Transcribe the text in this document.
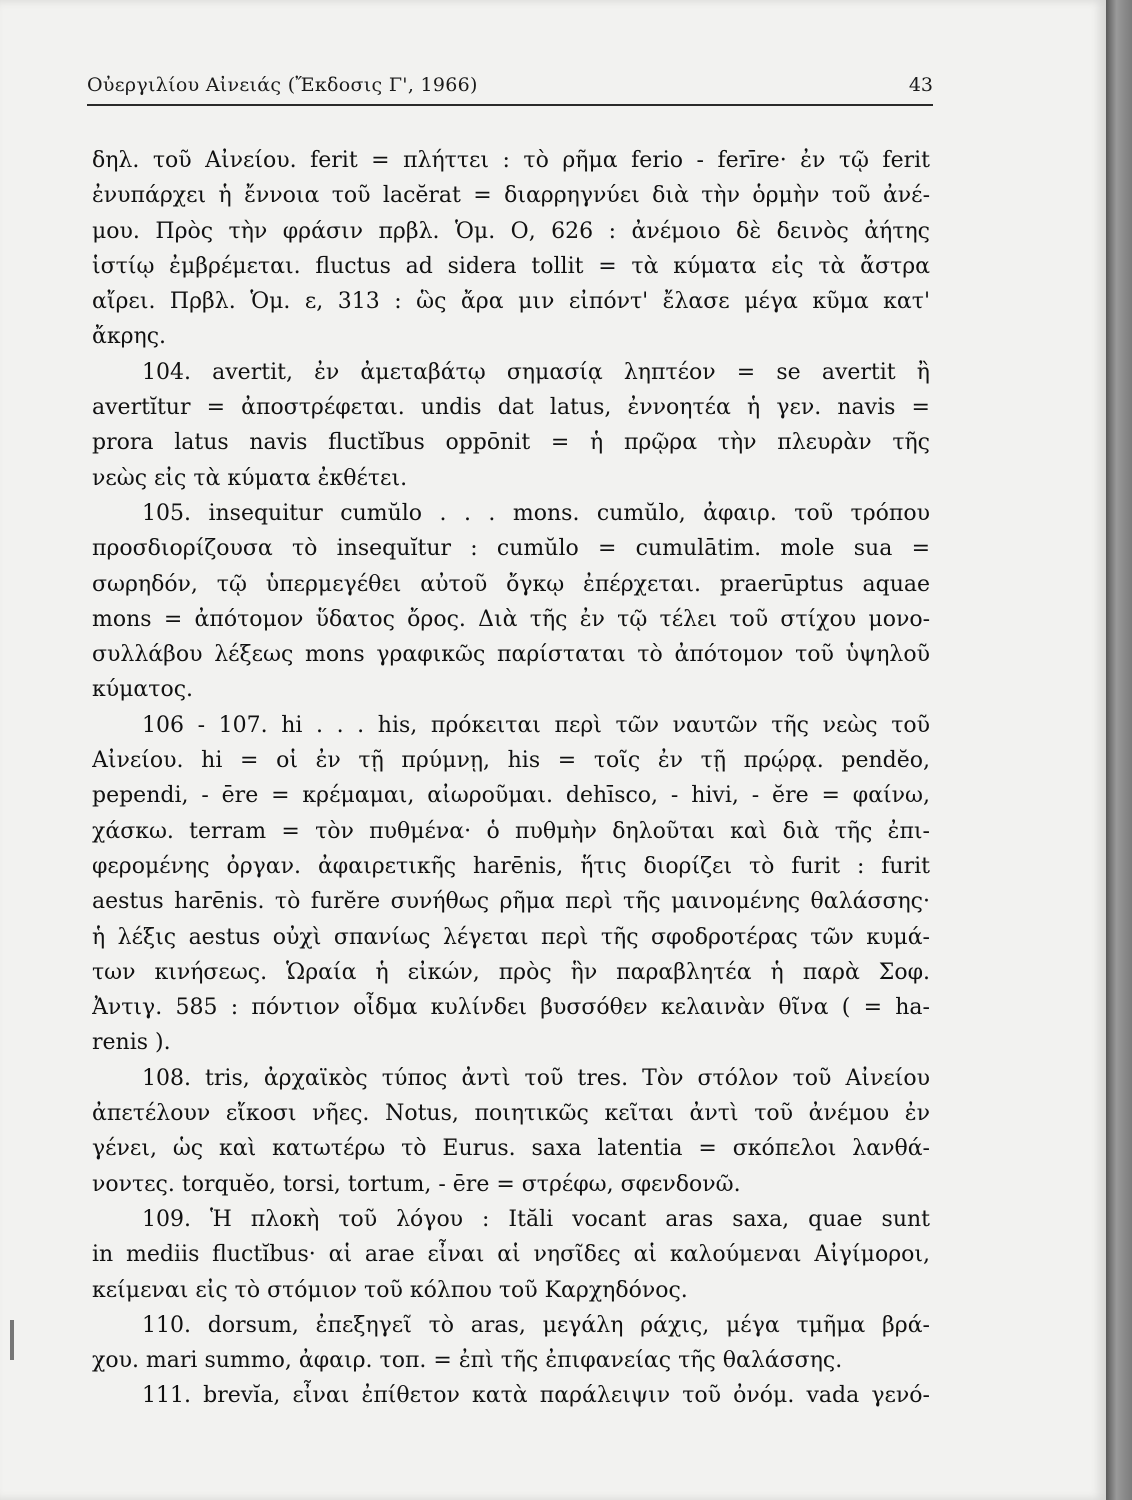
Οὐεργιλίου Αἰνειάς (Ἔκδοσις Γ', 1966)	43
δηλ. τοῦ Αἰνείου. ferit = πλήττει : τὸ ρῆμα ferio - ferīre· ἐν τῷ ferit
ἐνυπάρχει ἡ ἔννοια τοῦ lacĕrat = διαρρηγνύει διὰ τὴν ὁρμὴν τοῦ ἀνέ-
μου. Πρὸς τὴν φράσιν πρβλ. Ὁμ. Ο, 626 : ἀνέμοιο δὲ δεινὸς ἀήτης
ἱστίῳ ἐμβρέμεται. fluctus ad sidera tollit = τὰ κύματα εἰς τὰ ἄστρα
αἴρει. Πρβλ. Ὁμ. ε, 313 : ὣς ἄρα μιν εἰπόντ' ἔλασε μέγα κῦμα κατ'
ἄκρης.
104. avertit, ἐν ἀμεταβάτῳ σημασίᾳ ληπτέον = se avertit ἢ
avertĭtur = ἀποστρέφεται. undis dat latus, ἐννοητέα ἡ γεν. navis =
prora latus navis fluctĭbus oppōnit = ἡ πρῷρα τὴν πλευρὰν τῆς
νεὼς εἰς τὰ κύματα ἐκθέτει.
105. insequitur cumŭlo . . . mons. cumŭlo, ἀφαιρ. τοῦ τρόπου
προσδιορίζουσα τὸ insequĭtur : cumŭlo = cumulātim. mole sua =
σωρηδόν, τῷ ὑπερμεγέθει αὐτοῦ ὄγκῳ ἐπέρχεται. praerūptus aquae
mons = ἀπότομον ὕδατος ὄρος. Διὰ τῆς ἐν τῷ τέλει τοῦ στίχου μονο-
συλλάβου λέξεως mons γραφικῶς παρίσταται τὸ ἀπότομον τοῦ ὑψηλοῦ
κύματος.
106 - 107. hi . . . his, πρόκειται περὶ τῶν ναυτῶν τῆς νεὼς τοῦ
Αἰνείου. hi = οἱ ἐν τῇ πρύμνῃ, his = τοῖς ἐν τῇ πρῴρᾳ. pendĕo,
pependi, - ēre = κρέμαμαι, αἰωροῦμαι. dehīsco, - hivi, - ĕre = φαίνω,
χάσκω. terram = τὸν πυθμένα· ὁ πυθμὴν δηλοῦται καὶ διὰ τῆς ἐπι-
φερομένης ὀργαν. ἀφαιρετικῆς harēnis, ἥτις διορίζει τὸ furit : furit
aestus harēnis. τὸ furĕre συνήθως ρῆμα περὶ τῆς μαινομένης θαλάσσης·
ἡ λέξις aestus οὐχὶ σπανίως λέγεται περὶ τῆς σφοδροτέρας τῶν κυμά-
των κινήσεως. Ὡραία ἡ εἰκών, πρὸς ἣν παραβλητέα ἡ παρὰ Σοφ.
Ἀντιγ. 585 : πόντιον οἶδμα κυλίνδει βυσσόθεν κελαινὰν θῖνα ( = ha-
renis ).
108. tris, ἀρχαϊκὸς τύπος ἀντὶ τοῦ tres. Τὸν στόλον τοῦ Αἰνείου
ἀπετέλουν εἴκοσι νῆες. Notus, ποιητικῶς κεῖται ἀντὶ τοῦ ἀνέμου ἐν
γένει, ὡς καὶ κατωτέρω τὸ Eurus. saxa latentia = σκόπελοι λανθά-
νοντες. torquĕo, torsi, tortum, - ēre = στρέφω, σφενδονῶ.
109. Ἡ πλοκὴ τοῦ λόγου : Ităli vocant aras saxa, quae sunt
in mediis fluctĭbus· αἱ arae εἶναι αἱ νησῖδες αἱ καλούμεναι Αἰγίμοροι,
κείμεναι εἰς τὸ στόμιον τοῦ κόλπου τοῦ Καρχηδόνος.
110. dorsum, ἐπεξηγεῖ τὸ aras, μεγάλη ράχις, μέγα τμῆμα βρά-
χου. mari summo, ἀφαιρ. τοπ. = ἐπὶ τῆς ἐπιφανείας τῆς θαλάσσης.
111. brevĭa, εἶναι ἐπίθετον κατὰ παράλειψιν τοῦ ὀνόμ. vada γενό-
